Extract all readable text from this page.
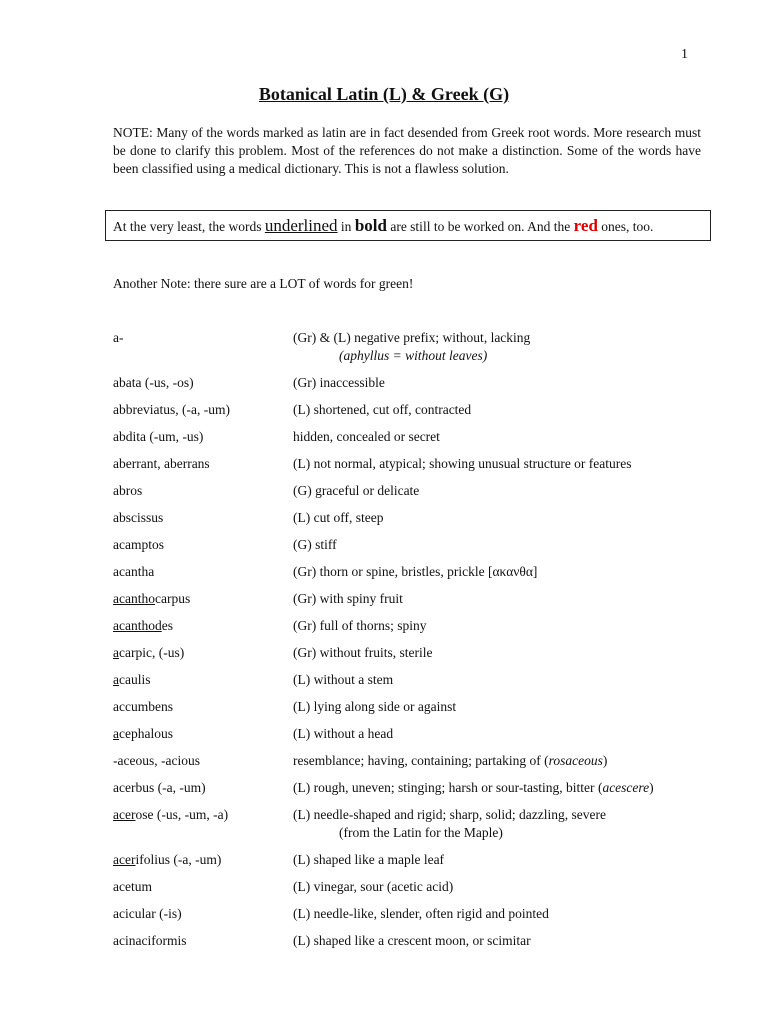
1
Botanical Latin (L) & Greek (G)
NOTE: Many of the words marked as latin are in fact desended from Greek root words. More research must be done to clarify this problem. Most of the references do not make a distinction. Some of the words have been classified using a medical dictionary. This is not a flawless solution.
At the very least, the words underlined in bold are still to be worked on. And the red ones, too.
Another Note: there sure are a LOT of words for green!
a-	(Gr) & (L) negative prefix; without, lacking
(aphyllus = without leaves)
abata (-us, -os)	(Gr) inaccessible
abbreviatus, (-a, -um)	(L) shortened, cut off, contracted
abdita (-um, -us)	hidden, concealed or secret
aberrant, aberrans	(L) not normal, atypical; showing unusual structure or features
abros	(G) graceful or delicate
abscissus	(L) cut off, steep
acamptos	(G) stiff
acantha	(Gr) thorn or spine, bristles, prickle [ακανθα]
acanthocarpus	(Gr) with spiny fruit
acanthodes	(Gr) full of thorns; spiny
acarpic, (-us)	(Gr) without fruits, sterile
acaulis	(L) without a stem
accumbens	(L) lying along side or against
acephalous	(L) without a head
-aceous, -acious	resemblance; having, containing; partaking of (rosaceous)
acerbus (-a, -um)	(L) rough, uneven; stinging; harsh or sour-tasting, bitter (acescere)
acerose (-us, -um, -a)	(L) needle-shaped and rigid; sharp, solid; dazzling, severe
(from the Latin for the Maple)
acerifolius (-a, -um)	(L) shaped like a maple leaf
acetum	(L) vinegar, sour (acetic acid)
acicular (-is)	(L) needle-like, slender, often rigid and pointed
acinaciformis	(L) shaped like a crescent moon, or scimitar
